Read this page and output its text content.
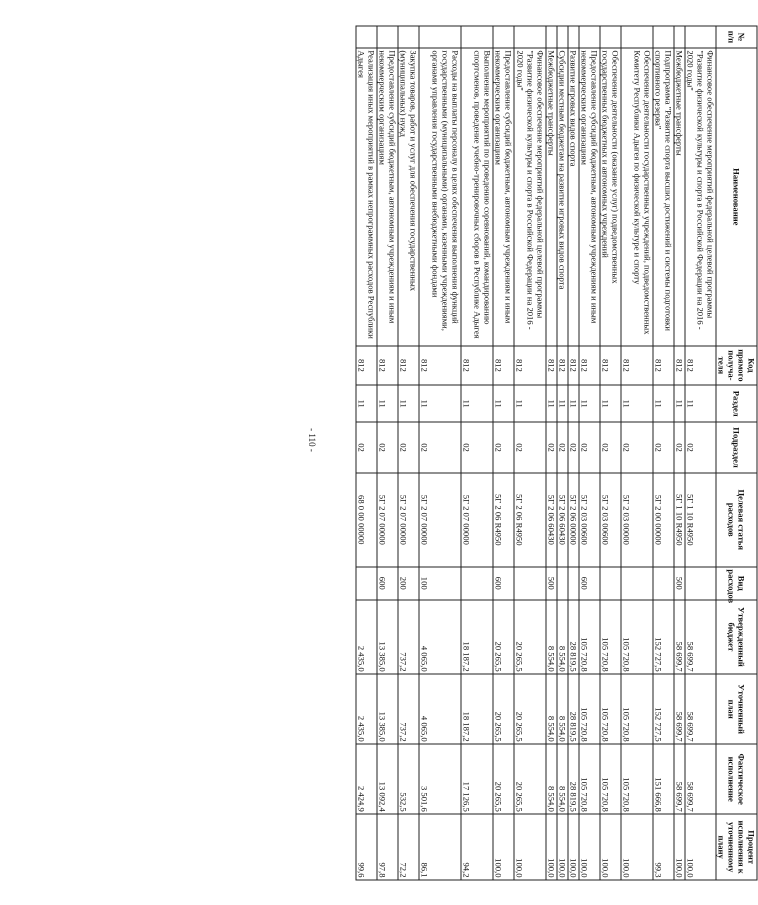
- 110 -
№ п/п	Наименование	Код прямого получа-теля	Раздел	Подраздел	Целевая статья расходов	Вид расходов	Утвержденный бюджет	Уточненный план	Фактическое исполнение	Процент исполнения к уточненному плану
	Финансовое обеспечение мероприятий федеральной целевой программы "Развитие физической культуры и спорта в Российской Федерации на 2016 - 2020 годы"	812	11	02	5Г 1 10 R4950		58 699,7	58 699,7	58 699,7	100,0
	Межбюджетные трансферты	812	11	02	5Г 1 10 R4950	500	58 699,7	58 699,7	58 699,7	100,0
	Подпрограмма "Развитие спорта высших достижений и системы подготовки спортивного резерва"	812	11	02	5Г 2 00 00000		152 727,5	152 727,5	151 666,8	99,3
	Обеспечение деятельности государственных учреждений, подведомственных Комитету Республики Адыгея по физической культуре и спорту	812	11	02	5Г 2 03 00000		105 720,8	105 720,8	105 720,8	100,0
	Обеспечение деятельности (оказание услуг) подведомственных государственных бюджетных и автономных учреждений	812	11	02	5Г 2 03 00600		105 720,8	105 720,8	105 720,8	100,0
	Предоставление субсидий бюджетным, автономным учреждениям и иным некоммерческим организациям	812	11	02	5Г 2 03 00600	600	105 720,8	105 720,8	105 720,8	100,0
	Развитие игровых видов спорта	812	11	02	5Г 2 06 00000		28 819,5	28 819,5	28 819,5	100,0
	Субсидии местным бюджетам на развитие игровых видов спорта	812	11	02	5Г 2 06 60430		8 554,0	8 554,0	8 554,0	100,0
	Межбюджетные трансферты	812	11	02	5Г 2 06 60430	500	8 554,0	8 554,0	8 554,0	100,0
	Финансовое обеспечение мероприятий федеральной целевой программы "Развитие физической культуры и спорта в Российской Федерации на 2016 - 2020 годы"	812	11	02	5Г 2 06 R4950		20 265,5	20 265,5	20 265,5	100,0
	Предоставление субсидий бюджетным, автономным учреждениям и иным некоммерческим организациям	812	11	02	5Г 2 06 R4950	600	20 265,5	20 265,5	20 265,5	100,0
	Выполнение мероприятий по проведению соревнований, командированию спортсменов, проведение учебно-тренировочных сборов в Республике Адыгея	812	11	02	5Г 2 07 00000		18 187,2	18 187,2	17 126,5	94,2
	Расходы на выплаты персоналу в целях обеспечения выполнения функций государственными (муниципальными) органами, казенными учреждениями, органами управления государственными внебюджетными фондами	812	11	02	5Г 2 07 00000	100	4 065,0	4 065,0	3 501,6	86,1
	Закупка товаров, работ и услуг для обеспечения государственных (муниципальных) нужд	812	11	02	5Г 2 07 00000	200	737,2	737,2	532,5	72,2
	Предоставление субсидий бюджетным, автономным учреждениям и иным некоммерческим организациям	812	11	02	5Г 2 07 00000	600	13 385,0	13 385,0	13 092,4	97,8
	Реализация иных мероприятий в рамках непрограммных расходов Республики Адыгея	812	11	02	68 0 00 00000		2 435,0	2 435,0	2 424,9	99,6
